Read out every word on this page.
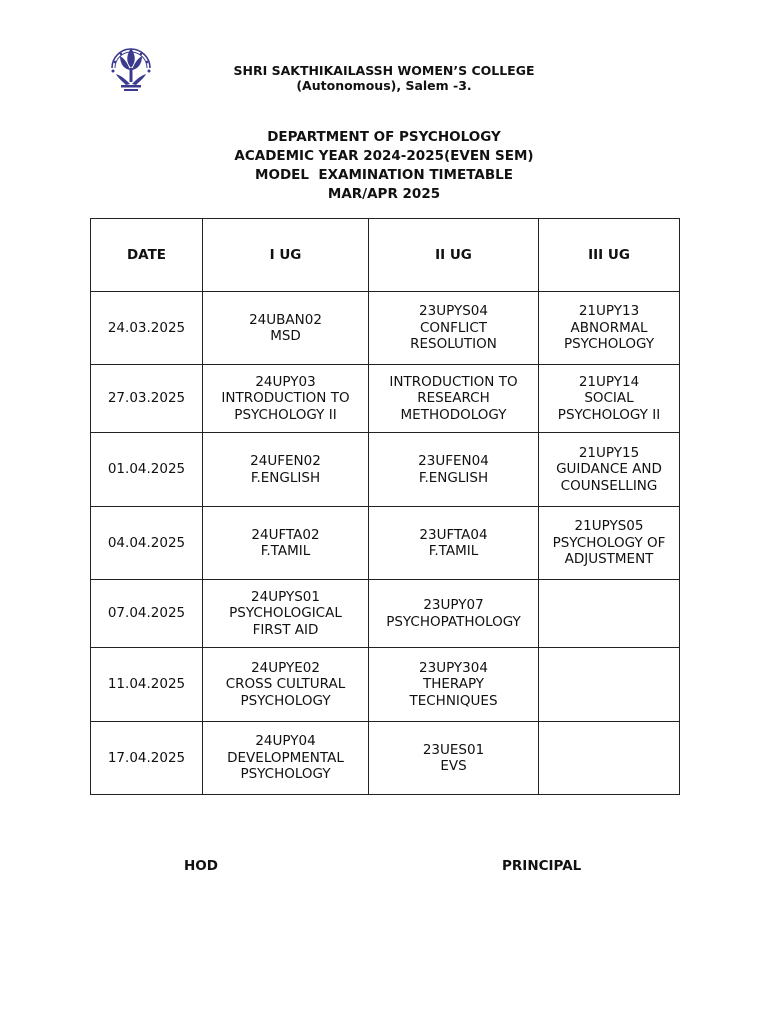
SHRI SAKTHIKAILASSH WOMEN’S COLLEGE
(Autonomous), Salem -3.
DEPARTMENT OF PSYCHOLOGY
ACADEMIC YEAR 2024-2025(EVEN SEM)
MODEL  EXAMINATION TIMETABLE
MAR/APR 2025
DATE	I UG	II UG	III UG
24.03.2025	24UBAN02
MSD	23UPYS04
CONFLICT
RESOLUTION	21UPY13
ABNORMAL
PSYCHOLOGY

27.03.2025	24UPY03
INTRODUCTION TO
PSYCHOLOGY II	INTRODUCTION TO
RESEARCH
METHODOLOGY	21UPY14
SOCIAL
PSYCHOLOGY II

01.04.2025	24UFEN02
F.ENGLISH	23UFEN04
F.ENGLISH	21UPY15
GUIDANCE AND
COUNSELLING

04.04.2025	24UFTA02
F.TAMIL	23UFTA04
F.TAMIL	21UPYS05
PSYCHOLOGY OF
ADJUSTMENT

07.04.2025	24UPYS01
PSYCHOLOGICAL
FIRST AID	23UPY07
PSYCHOPATHOLOGY	

11.04.2025	24UPYE02
CROSS CULTURAL
PSYCHOLOGY	23UPY304
THERAPY
TECHNIQUES	

17.04.2025	24UPY04
DEVELOPMENTAL
PSYCHOLOGY	23UES01
EVS	

HOD	PRINCIPAL
